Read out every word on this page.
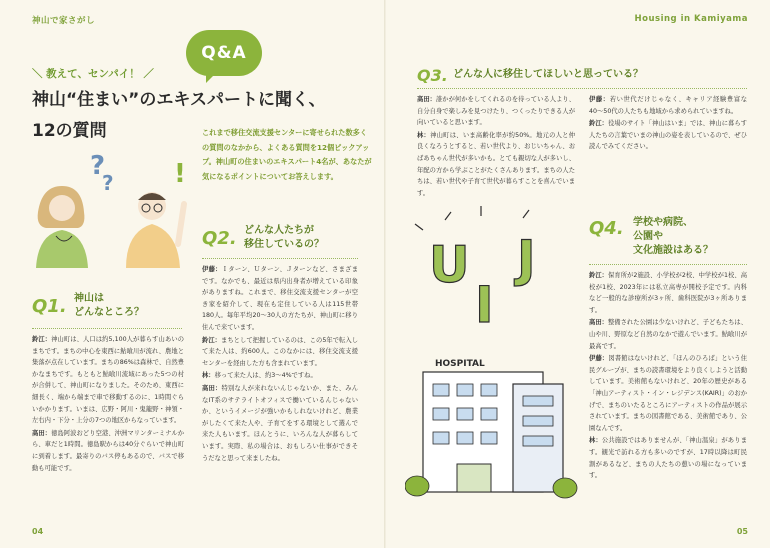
神山で家さがし
Q&A
＼ 教えて、センパイ！ ／
神山“住まい”のエキスパートに聞く、
12の質問	これまで移住交流支援センターに寄せられた数多くの質問のなかから、よくある質問を12個ピックアップ。神山町の住まいのエキスパート4名が、あなたが気になるポイントについてお答えします。
?
? !
Q1. 神山は
どんなところ？

鈴江：神山町は、人口は約5,100人が暮らす山あいのまちです。まちの中心を東西に鮎喰川が流れ、農地と集落が点在しています。まちの86%は森林で、自然豊かなまちです。もともと鮎喰川流域にあった5つの村が合併して、神山町になりました。そのため、東西に細長く、端から端まで車で移動するのに、1時間ぐらいかかります。いまは、広野・阿川・鬼籠野・神領・左右内・下分・上分の7つの地区からなっています。

高田：徳島阿波おどり空港、沖洲マリンターミナルから、車だと1時間。徳島駅からは40分ぐらいで神山町に到着します。最寄りのバス停もあるので、バスで移動も可能です。

Q2. どんな人たちが
移住しているの？

伊藤：Ｉターン、Ｕターン、Ｊターンなど、さまざまです。なかでも、最近は県内出身者が増えている印象がありますね。これまで、移住交流支援センターが空き家を紹介して、現在も定住している人は115世帯180人。毎年平均20〜30人の方たちが、神山町に移り住んで来ています。

鈴江：まちとして把握しているのは、この5年で転入して来た人は、約600人。このなかには、移住交流支援センターを経由した方も含まれています。

林：移って来た人は、約3〜4%ですね。

高田：特別な人が来れないんじゃないか、また、みんなIT系のサテライトオフィスで働いているんじゃないか、というイメージが強いかもしれないけれど、農業がしたくて来た人や、子育てをする環境として選んで来た人もいます。ほんとうに、いろんな人が暮らしています。実際、私の場合は、おもしろい仕事ができそうだなと思って来ましたね。

04
Housing in Kamiyama
Q3. どんな人に移住してほしいと思っている？

高田：誰かが何かをしてくれるのを待っている人より、自分自身で楽しみを見つけたり、つくったりできる人が向いていると思います。

林：神山町は、いま高齢化率が約50%。地元の人と仲良くなろうとすると、若い世代より、おじいちゃん、おばあちゃん世代が多いかも。とても親切な人が多いし、年配の方から学ぶことがたくさんあります。まちの人たちは、若い世代や子育て世代が暮らすことを喜んでいます。

伊藤：若い世代だけじゃなく、キャリア経験豊富な40〜50代の人たちも地域から求められていますね。

鈴江：役場のサイト「神山はいま」では、神山に暮らす人たちの言葉でいまの神山の姿を表しているので、ぜひ読んでみてください。

U
I
J
HOSPITAL
Q4. 学校や病院、
公園や
文化施設はある？

鈴江：保育所が2施設、小学校が2校、中学校が1校、高校が1校、2023年には私立高専が開校予定です。内科など一般的な診療所が3ヶ所、歯科医院が3ヶ所あります。

高田：整備された公園は少ないけれど、子どもたちは、山や川、野原など自然のなかで遊んでいます。鮎喰川が最高です。

伊藤：図書館はないけれど、「ほんのひろば」という住民グループが、まちの読書環境をより良くしようと活動しています。美術館もないけれど、20年の歴史がある「神山アーティスト・イン・レジデンス(KAIR)」のおかげで、まちのいたるところにアーティストの作品が展示されています。まちの図書館である、美術館であり、公園なんです。

林：公共施設ではありませんが、「神山温泉」があります。観光で訪れる方も多いのですが、17時以降は町民割があるなど、まちの人たちの憩いの場になっています。

05
